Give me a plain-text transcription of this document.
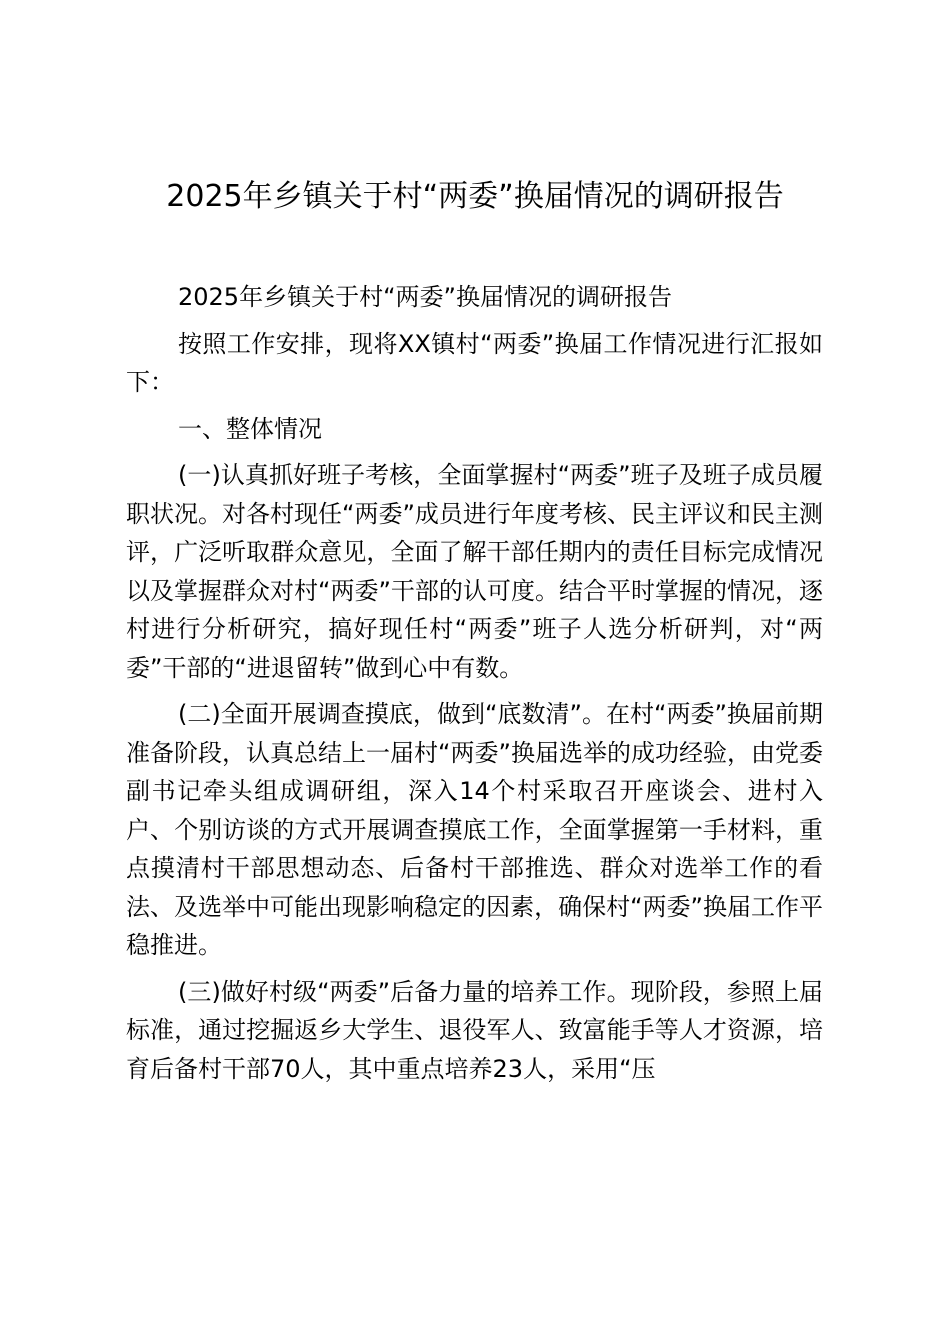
2025年乡镇关于村“两委”换届情况的调研报告

2025年乡镇关于村“两委”换届情况的调研报告

按照工作安排，现将XX镇村“两委”换届工作情况进行汇报如下：

一、整体情况

(一)认真抓好班子考核，全面掌握村“两委”班子及班子成员履职状况。对各村现任“两委”成员进行年度考核、民主评议和民主测评，广泛听取群众意见，全面了解干部任期内的责任目标完成情况以及掌握群众对村“两委”干部的认可度。结合平时掌握的情况，逐村进行分析研究，搞好现任村“两委”班子人选分析研判，对“两委”干部的“进退留转”做到心中有数。

(二)全面开展调查摸底，做到“底数清”。在村“两委”换届前期准备阶段，认真总结上一届村“两委”换届选举的成功经验，由党委副书记牵头组成调研组，深入14个村采取召开座谈会、进村入户、个别访谈的方式开展调查摸底工作，全面掌握第一手材料，重点摸清村干部思想动态、后备村干部推选、群众对选举工作的看法、及选举中可能出现影响稳定的因素，确保村“两委”换届工作平稳推进。

(三)做好村级“两委”后备力量的培养工作。现阶段，参照上届标准，通过挖掘返乡大学生、退役军人、致富能手等人才资源，培育后备村干部70人，其中重点培养23人，采用“压
